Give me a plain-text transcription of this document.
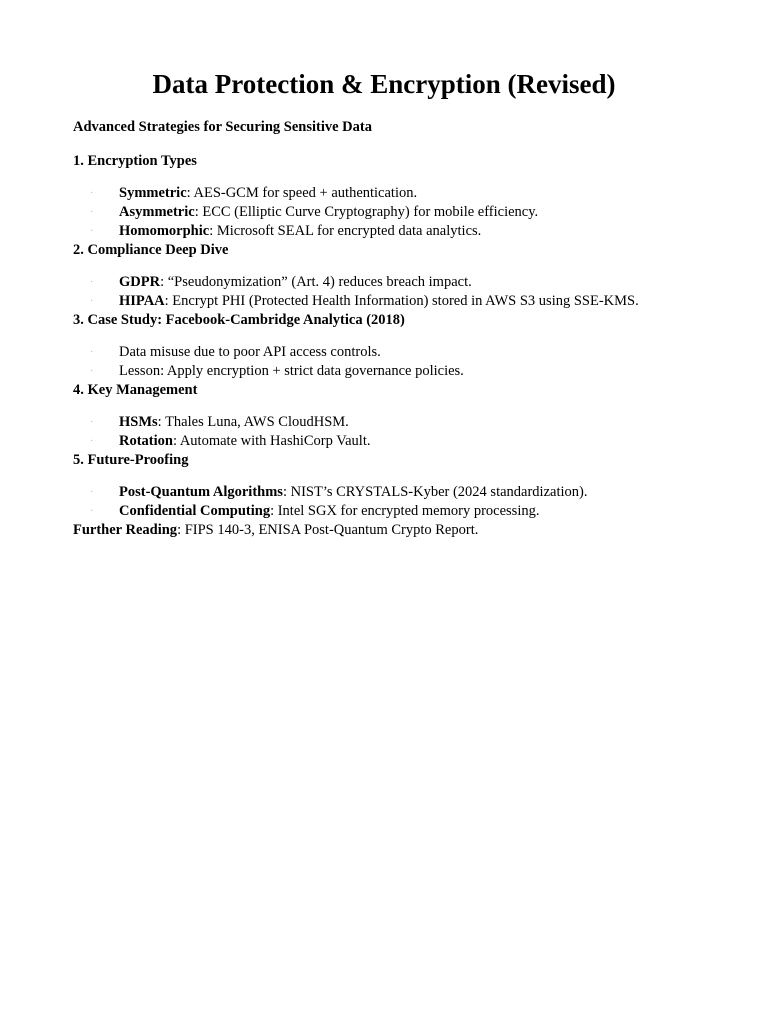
Data Protection & Encryption (Revised)
Advanced Strategies for Securing Sensitive Data
1. Encryption Types
· Symmetric: AES-GCM for speed + authentication.
· Asymmetric: ECC (Elliptic Curve Cryptography) for mobile efficiency.
· Homomorphic: Microsoft SEAL for encrypted data analytics.
2. Compliance Deep Dive
· GDPR: “Pseudonymization” (Art. 4) reduces breach impact.
· HIPAA: Encrypt PHI (Protected Health Information) stored in AWS S3 using SSE-KMS.
3. Case Study: Facebook-Cambridge Analytica (2018)
· Data misuse due to poor API access controls.
· Lesson: Apply encryption + strict data governance policies.
4. Key Management
· HSMs: Thales Luna, AWS CloudHSM.
· Rotation: Automate with HashiCorp Vault.
5. Future-Proofing
· Post-Quantum Algorithms: NIST’s CRYSTALS-Kyber (2024 standardization).
· Confidential Computing: Intel SGX for encrypted memory processing.
Further Reading: FIPS 140-3, ENISA Post-Quantum Crypto Report.
